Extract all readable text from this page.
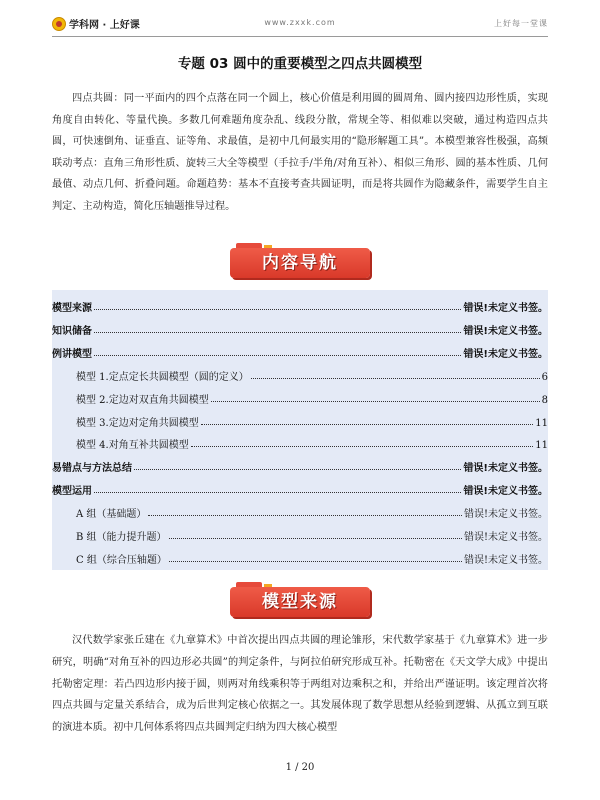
学科网 · 上好课	www.zxxk.com	上好每一堂课
专题 03 圆中的重要模型之四点共圆模型

四点共圆：同一平面内的四个点落在同一个圆上，核心价值是利用圆的圆周角、圆内接四边形性质，实现角度自由转化、等量代换。多数几何难题角度杂乱、线段分散，常规全等、相似难以突破，通过构造四点共圆，可快速倒角、证垂直、证等角、求最值，是初中几何最实用的“隐形解题工具”。本模型兼容性极强，高频联动考点：直角三角形性质、旋转三大全等模型（手拉手/半角/对角互补）、相似三角形、圆的基本性质、几何最值、动点几何、折叠问题。命题趋势：基本不直接考查共圆证明，而是将共圆作为隐藏条件，需要学生自主判定、主动构造，简化压轴题推导过程。

内容导航
模型来源	错误!未定义书签。
知识储备	错误!未定义书签。
例讲模型	错误!未定义书签。
模型 1.定点定长共圆模型（圆的定义）	6
模型 2.定边对双直角共圆模型	8
模型 3.定边对定角共圆模型	11
模型 4.对角互补共圆模型	11
易错点与方法总结	错误!未定义书签。
模型运用	错误!未定义书签。
A 组（基础题）	错误!未定义书签。
B 组（能力提升题）	错误!未定义书签。
C 组（综合压轴题）	错误!未定义书签。
模型来源

汉代数学家张丘建在《九章算术》中首次提出四点共圆的理论雏形，宋代数学家基于《九章算术》进一步研究，明确“对角互补的四边形必共圆”的判定条件，与阿拉伯研究形成互补。托勒密在《天文学大成》中提出托勒密定理：若凸四边形内接于圆，则两对角线乘积等于两组对边乘积之和，并给出严谨证明。该定理首次将四点共圆与定量关系结合，成为后世判定核心依据之一。其发展体现了数学思想从经验到逻辑、从孤立到互联的演进本质。初中几何体系将四点共圆判定归纳为四大核心模型

1 / 20
